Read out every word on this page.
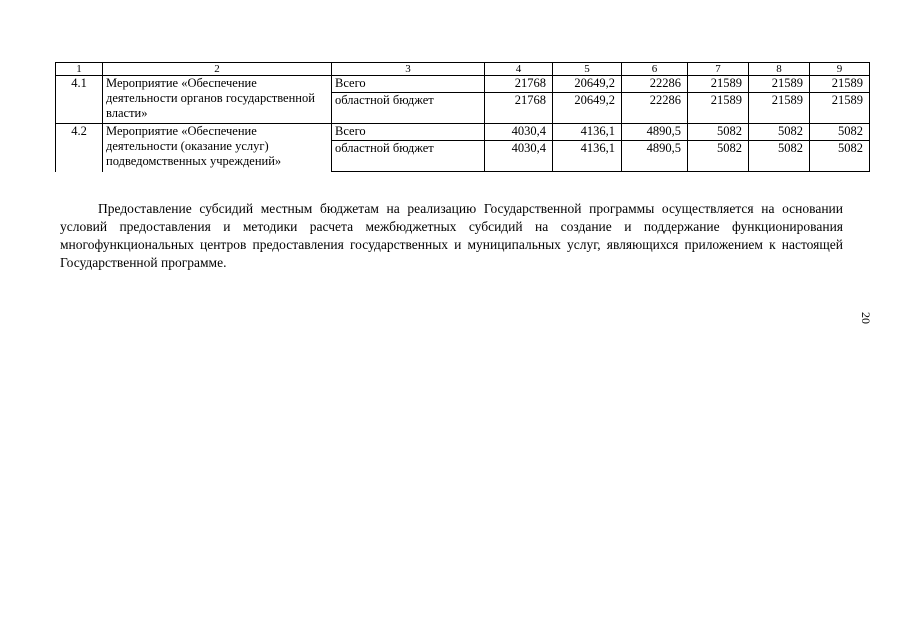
1	2	3	4	5	6	7	8	9
4.1	Мероприятие «Обеспечение деятельности органов государственной власти»	Всего	21768	20649,2	22286	21589	21589	21589
		областной бюджет	21768	20649,2	22286	21589	21589	21589
4.2	Мероприятие «Обеспечение деятельности (оказание услуг) подведомственных учреждений»	Всего	4030,4	4136,1	4890,5	5082	5082	5082
		областной бюджет	4030,4	4136,1	4890,5	5082	5082	5082

Предоставление субсидий местным бюджетам на реализацию Государственной программы осуществляется на основании условий предоставления и методики расчета межбюджетных субсидий на создание и поддержание функционирования многофункциональных центров предоставления государственных и муниципальных услуг, являющихся приложением к настоящей Государственной программе.

20
